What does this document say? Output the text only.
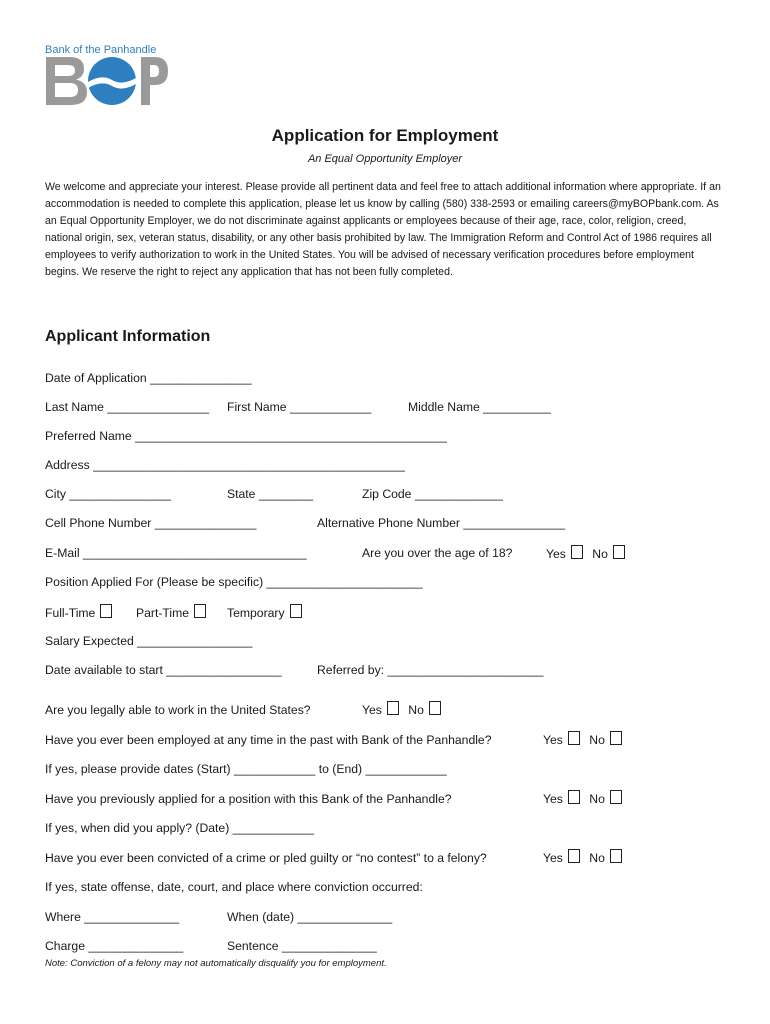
Bank of the Panhandle
Application for Employment
An Equal Opportunity Employer
We welcome and appreciate your interest. Please provide all pertinent data and feel free to attach additional information where appropriate. If an accommodation is needed to complete this application, please let us know by calling (580) 338-2593 or emailing careers@myBOPbank.com. As an Equal Opportunity Employer, we do not discriminate against applicants or employees because of their age, race, color, religion, creed, national origin, sex, veteran status, disability, or any other basis prohibited by law. The Immigration Reform and Control Act of 1986 requires all employees to verify authorization to work in the United States. You will be advised of necessary verification procedures before employment begins. We reserve the right to reject any application that has not been fully completed.
Applicant Information
Date of Application _______________
Last Name _______________ First Name ____________	Middle Name __________
Preferred Name ______________________________________________
Address ______________________________________________
City _______________	State ________	Zip Code _____________
Cell Phone Number _______________	Alternative Phone Number _______________
E-Mail _________________________________	Are you over the age of 18?	Yes No
Position Applied For (Please be specific) _______________________
Full-Time	Part-Time	Temporary
Salary Expected _________________
Date available to start _________________	Referred by: _______________________
Are you legally able to work in the United States?	Yes No
Have you ever been employed at any time in the past with Bank of the Panhandle?	Yes No
If yes, please provide dates (Start) ____________ to (End) ____________
Have you previously applied for a position with this Bank of the Panhandle?	Yes No
If yes, when did you apply? (Date) ____________
Have you ever been convicted of a crime or pled guilty or “no contest” to a felony?	Yes No
If yes, state offense, date, court, and place where conviction occurred:
Where ______________	When (date) ______________
Charge ______________	Sentence ______________
Note: Conviction of a felony may not automatically disqualify you for employment.
